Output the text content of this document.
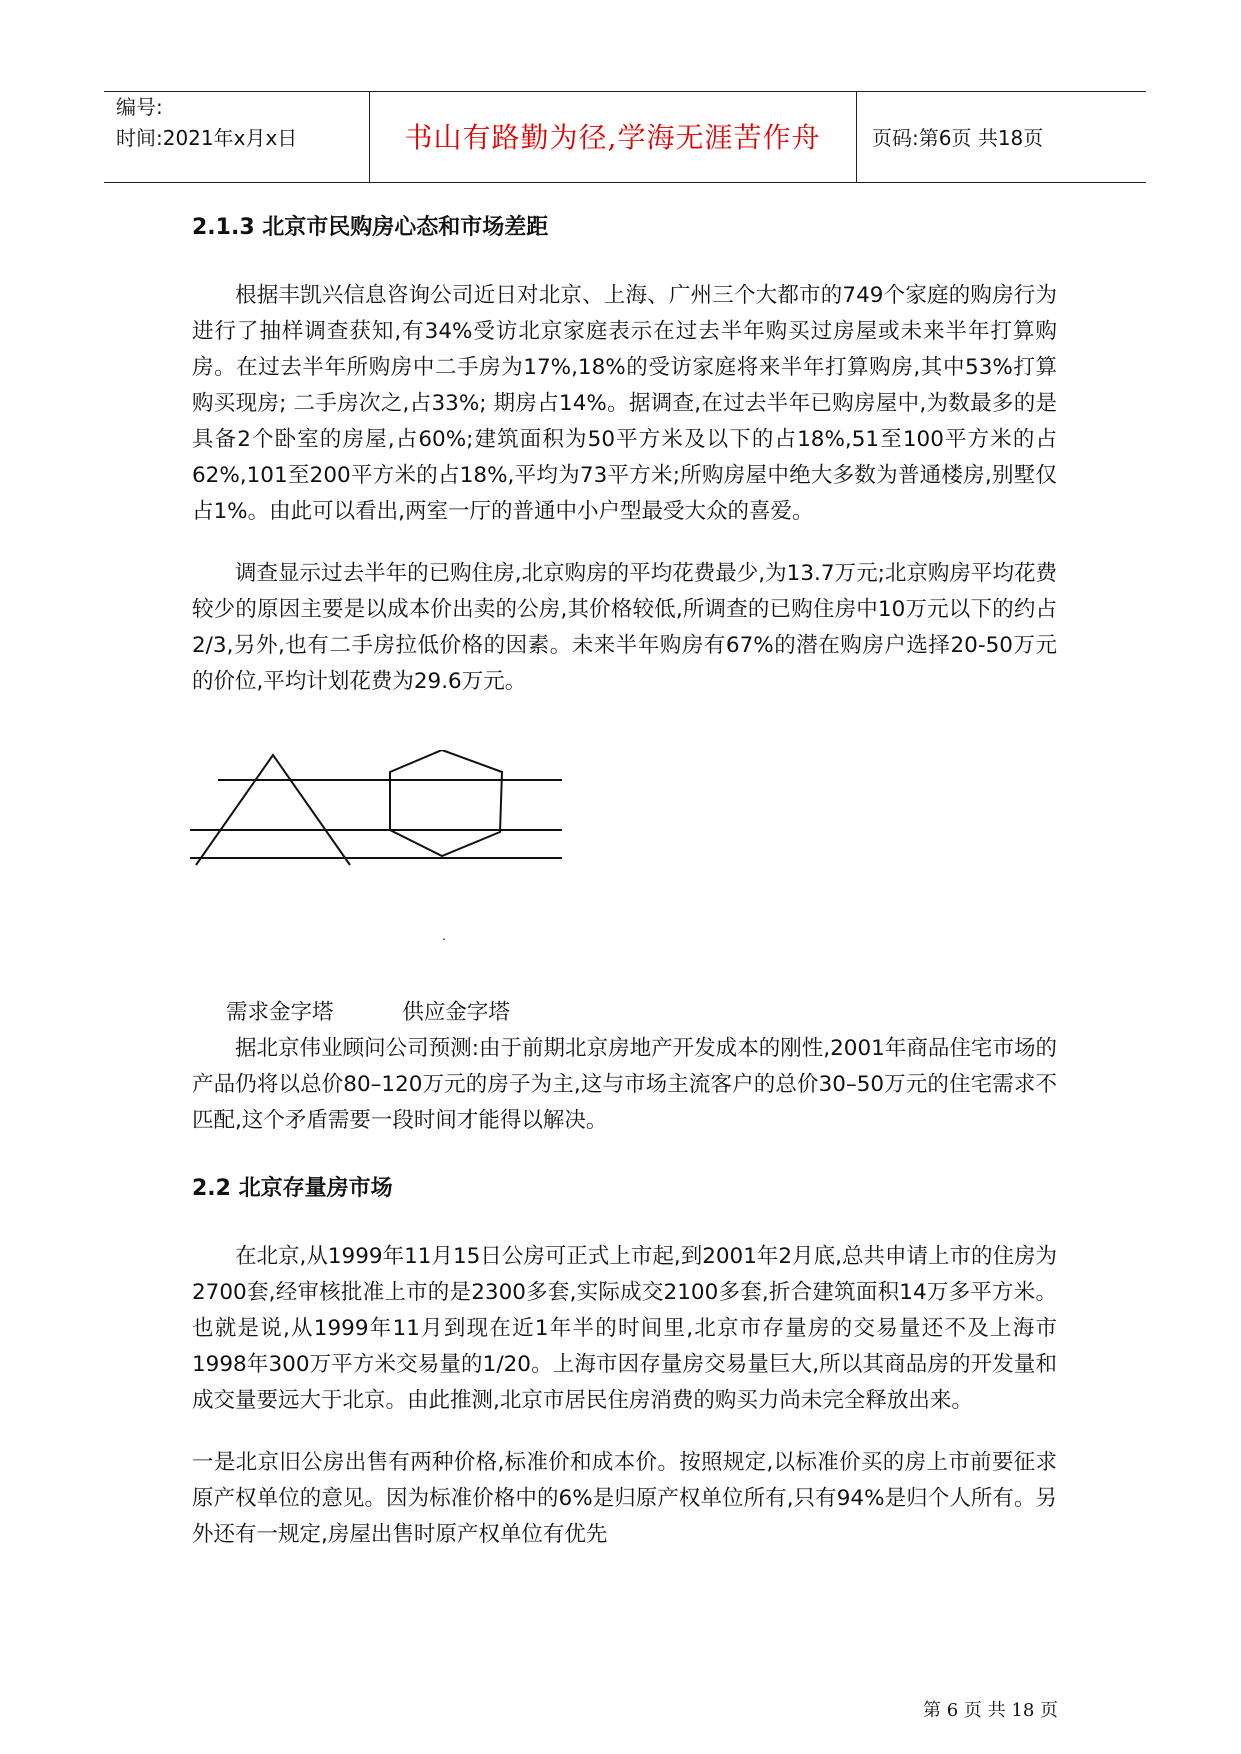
编号:
时间:2021年x月x日	书山有路勤为径,学海无涯苦作舟	页码:第6页 共18页
2.1.3 北京市民购房心态和市场差距

根据丰凯兴信息咨询公司近日对北京、上海、广州三个大都市的749个家庭的购房行为进行了抽样调查获知,有34%受访北京家庭表示在过去半年购买过房屋或未来半年打算购房。在过去半年所购房中二手房为17%,18%的受访家庭将来半年打算购房,其中53%打算购买现房; 二手房次之,占33%; 期房占14%。据调查,在过去半年已购房屋中,为数最多的是具备2个卧室的房屋,占60%;建筑面积为50平方米及以下的占18%,51至100平方米的占62%,101至200平方米的占18%,平均为73平方米;所购房屋中绝大多数为普通楼房,别墅仅占1%。由此可以看出,两室一厅的普通中小户型最受大众的喜爱。

调查显示过去半年的已购住房,北京购房的平均花费最少,为13.7万元;北京购房平均花费较少的原因主要是以成本价出卖的公房,其价格较低,所调查的已购住房中10万元以下的约占2/3,另外,也有二手房拉低价格的因素。未来半年购房有67%的潜在购房户选择20-50万元的价位,平均计划花费为29.6万元。

.
需求金字塔	供应金字塔

据北京伟业顾问公司预测:由于前期北京房地产开发成本的刚性,2001年商品住宅市场的产品仍将以总价80–120万元的房子为主,这与市场主流客户的总价30–50万元的住宅需求不匹配,这个矛盾需要一段时间才能得以解决。

2.2 北京存量房市场

在北京,从1999年11月15日公房可正式上市起,到2001年2月底,总共申请上市的住房为2700套,经审核批准上市的是2300多套,实际成交2100多套,折合建筑面积14万多平方米。也就是说,从1999年11月到现在近1年半的时间里,北京市存量房的交易量还不及上海市1998年300万平方米交易量的1/20。上海市因存量房交易量巨大,所以其商品房的开发量和成交量要远大于北京。由此推测,北京市居民住房消费的购买力尚未完全释放出来。

一是北京旧公房出售有两种价格,标准价和成本价。按照规定,以标准价买的房上市前要征求原产权单位的意见。因为标准价格中的6%是归原产权单位所有,只有94%是归个人所有。另外还有一规定,房屋出售时原产权单位有优先

第 6 页 共 18 页
